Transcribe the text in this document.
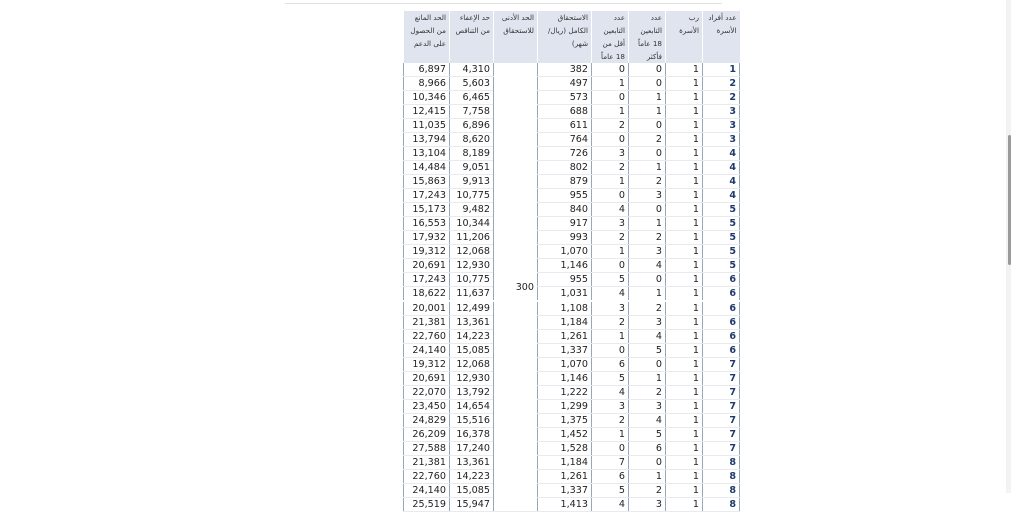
الحد المانع من الحصول على الدعم	حد الإعفاء من التناقص	الحد الأدنى للاستحقاق	الاستحقاق الكامل (ريال/شهر)	عدد التابعين أقل من 18 عاماً	عدد التابعين 18 عاماً فأكثر	رب الأسرة	عدد أفراد الأسرة
6,897	4,310	300	382	0	0	1	1
8,966	5,603		497	1	0	1	2
10,346	6,465		573	0	1	1	2
12,415	7,758		688	1	1	1	3
11,035	6,896		611	2	0	1	3
13,794	8,620		764	0	2	1	3
13,104	8,189		726	3	0	1	4
14,484	9,051		802	2	1	1	4
15,863	9,913		879	1	2	1	4
17,243	10,775		955	0	3	1	4
15,173	9,482		840	4	0	1	5
16,553	10,344		917	3	1	1	5
17,932	11,206		993	2	2	1	5
19,312	12,068		1,070	1	3	1	5
20,691	12,930		1,146	0	4	1	5
17,243	10,775		955	5	0	1	6
18,622	11,637		1,031	4	1	1	6
20,001	12,499		1,108	3	2	1	6
21,381	13,361		1,184	2	3	1	6
22,760	14,223		1,261	1	4	1	6
24,140	15,085		1,337	0	5	1	6
19,312	12,068		1,070	6	0	1	7
20,691	12,930		1,146	5	1	1	7
22,070	13,792		1,222	4	2	1	7
23,450	14,654		1,299	3	3	1	7
24,829	15,516		1,375	2	4	1	7
26,209	16,378		1,452	1	5	1	7
27,588	17,240		1,528	0	6	1	7
21,381	13,361		1,184	7	0	1	8
22,760	14,223		1,261	6	1	1	8
24,140	15,085		1,337	5	2	1	8
25,519	15,947		1,413	4	3	1	8
